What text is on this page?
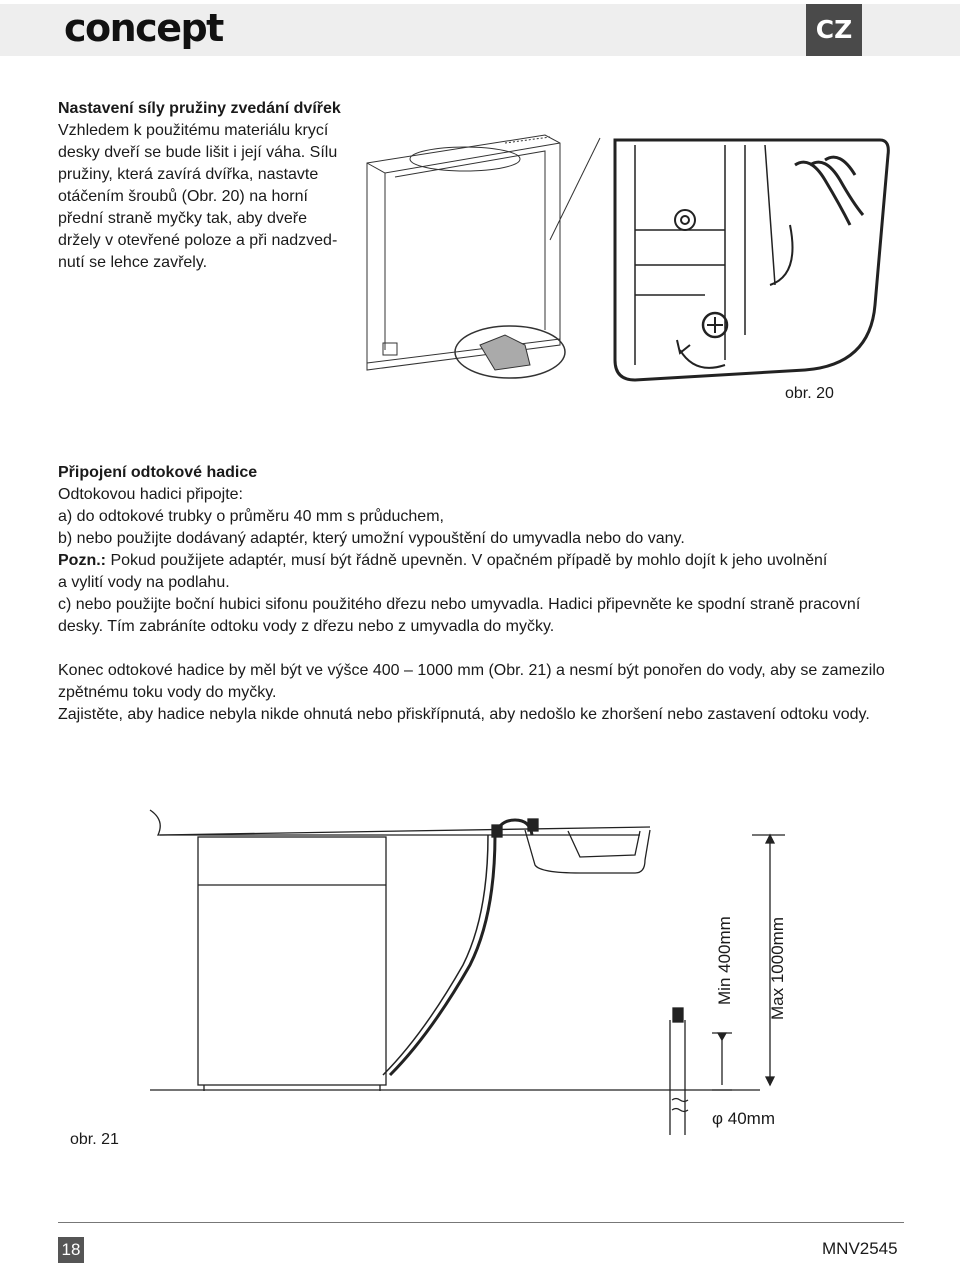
concept	CZ

Nastavení síly pružiny zvedání dvířek

Vzhledem k použitému materiálu krycí

desky dveří se bude lišit i její váha. Sílu

pružiny, která zavírá dvířka, nastavte

otáčením šroubů (Obr. 20) na horní

přední straně myčky tak, aby dveře

držely v otevřené poloze a při nadzved-

nutí se lehce zavřely.

obr. 20

Připojení odtokové hadice

Odtokovou hadici připojte:

a) do odtokové trubky o průměru 40 mm s průduchem,

b) nebo použijte dodávaný adaptér, který umožní vypouštění do umyvadla nebo do vany.

Pozn.: Pokud použijete adaptér, musí být řádně upevněn. V opačném případě by mohlo dojít k jeho uvolnění

a vylití vody na podlahu.

c) nebo použijte boční hubici sifonu použitého dřezu nebo umyvadla. Hadici připevněte ke spodní straně pracovní

desky. Tím zabráníte odtoku vody z dřezu nebo z umyvadla do myčky.

Konec odtokové hadice by měl být ve výšce 400 – 1000 mm (Obr. 21) a nesmí být ponořen do vody, aby se zamezilo

zpětnému toku vody do myčky.

Zajistěte, aby hadice nebyla nikde ohnutá nebo přiskřípnutá, aby nedošlo ke zhoršení nebo zastavení odtoku vody.

Min 400mm	Max 1000mm
φ 40mm
obr. 21
18	MNV2545
